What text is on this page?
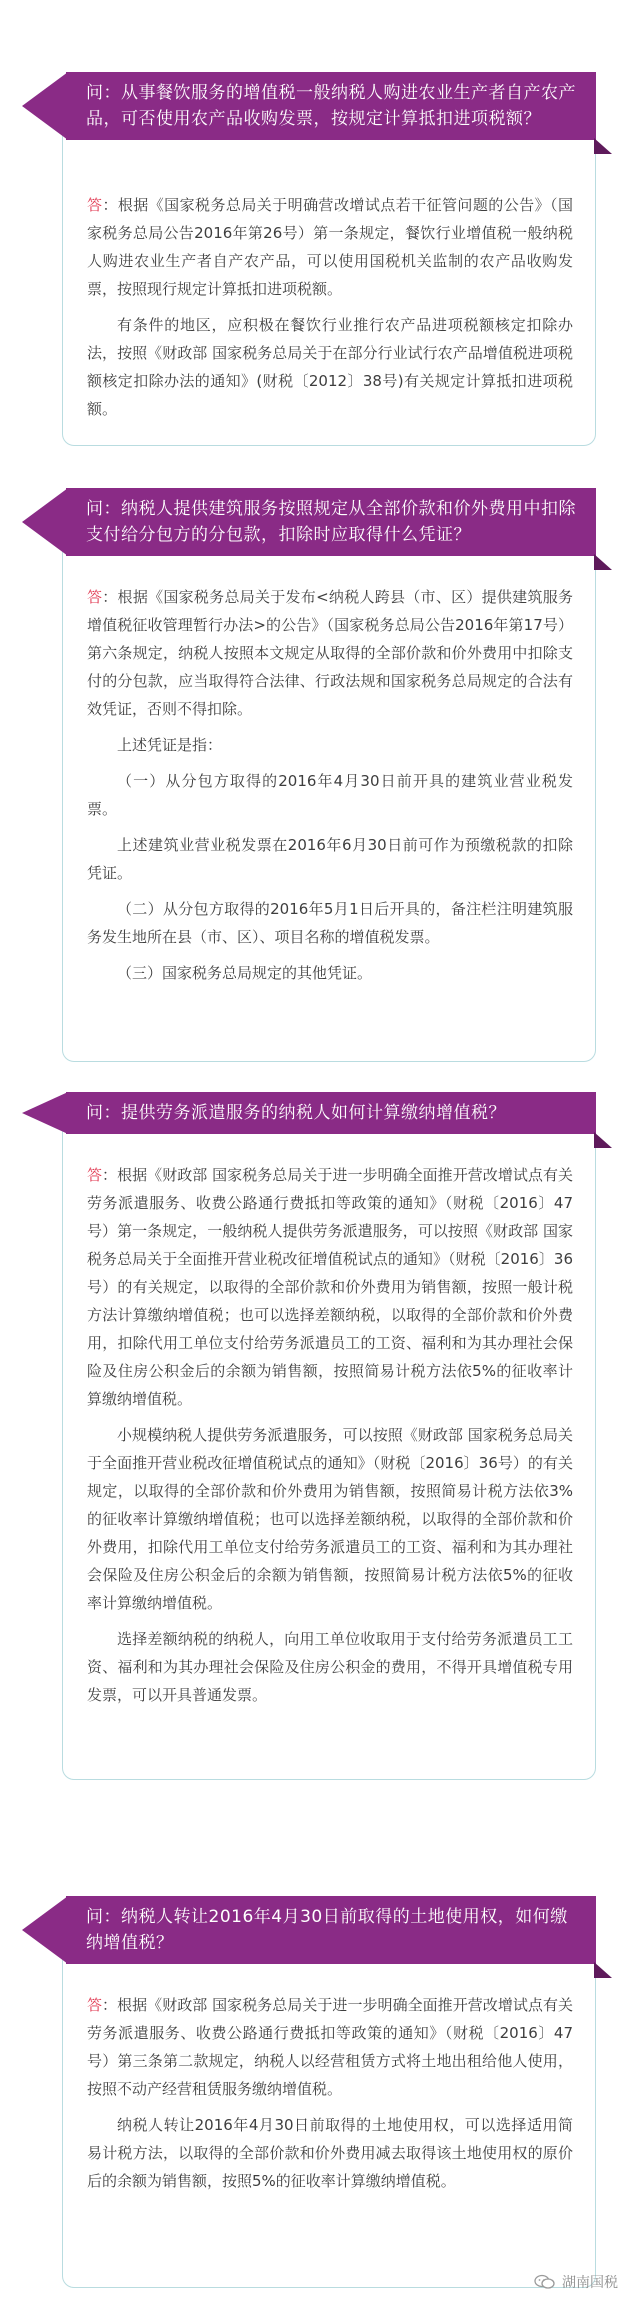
答：根据《国家税务总局关于明确营改增试点若干征管问题的公告》（国家税务总局公告2016年第26号）第一条规定，餐饮行业增值税一般纳税人购进农业生产者自产农产品，可以使用国税机关监制的农产品收购发票，按照现行规定计算抵扣进项税额。

有条件的地区，应积极在餐饮行业推行农产品进项税额核定扣除办法，按照《财政部 国家税务总局关于在部分行业试行农产品增值税进项税额核定扣除办法的通知》(财税〔2012〕38号)有关规定计算抵扣进项税额。

问：从事餐饮服务的增值税一般纳税人购进农业生产者自产农产品，可否使用农产品收购发票，按规定计算抵扣进项税额？

答：根据《国家税务总局关于发布<纳税人跨县（市、区）提供建筑服务增值税征收管理暂行办法>的公告》（国家税务总局公告2016年第17号）第六条规定，纳税人按照本文规定从取得的全部价款和价外费用中扣除支付的分包款，应当取得符合法律、行政法规和国家税务总局规定的合法有效凭证，否则不得扣除。

上述凭证是指：

（一）从分包方取得的2016年4月30日前开具的建筑业营业税发票。

上述建筑业营业税发票在2016年6月30日前可作为预缴税款的扣除凭证。

（二）从分包方取得的2016年5月1日后开具的，备注栏注明建筑服务发生地所在县（市、区）、项目名称的增值税发票。

（三）国家税务总局规定的其他凭证。

问：纳税人提供建筑服务按照规定从全部价款和价外费用中扣除支付给分包方的分包款，扣除时应取得什么凭证？

答：根据《财政部 国家税务总局关于进一步明确全面推开营改增试点有关劳务派遣服务、收费公路通行费抵扣等政策的通知》（财税〔2016〕47号）第一条规定，一般纳税人提供劳务派遣服务，可以按照《财政部 国家税务总局关于全面推开营业税改征增值税试点的通知》（财税〔2016〕36号）的有关规定，以取得的全部价款和价外费用为销售额，按照一般计税方法计算缴纳增值税；也可以选择差额纳税，以取得的全部价款和价外费用，扣除代用工单位支付给劳务派遣员工的工资、福利和为其办理社会保险及住房公积金后的余额为销售额，按照简易计税方法依5%的征收率计算缴纳增值税。

小规模纳税人提供劳务派遣服务，可以按照《财政部 国家税务总局关于全面推开营业税改征增值税试点的通知》（财税〔2016〕36号）的有关规定，以取得的全部价款和价外费用为销售额，按照简易计税方法依3%的征收率计算缴纳增值税；也可以选择差额纳税，以取得的全部价款和价外费用，扣除代用工单位支付给劳务派遣员工的工资、福利和为其办理社会保险及住房公积金后的余额为销售额，按照简易计税方法依5%的征收率计算缴纳增值税。

选择差额纳税的纳税人，向用工单位收取用于支付给劳务派遣员工工资、福利和为其办理社会保险及住房公积金的费用，不得开具增值税专用发票，可以开具普通发票。

问：提供劳务派遣服务的纳税人如何计算缴纳增值税？

答：根据《财政部 国家税务总局关于进一步明确全面推开营改增试点有关劳务派遣服务、收费公路通行费抵扣等政策的通知》（财税〔2016〕47号）第三条第二款规定，纳税人以经营租赁方式将土地出租给他人使用，按照不动产经营租赁服务缴纳增值税。

纳税人转让2016年4月30日前取得的土地使用权，可以选择适用简易计税方法，以取得的全部价款和价外费用减去取得该土地使用权的原价后的余额为销售额，按照5%的征收率计算缴纳增值税。

问：纳税人转让2016年4月30日前取得的土地使用权，如何缴纳增值税？
湖南国税
